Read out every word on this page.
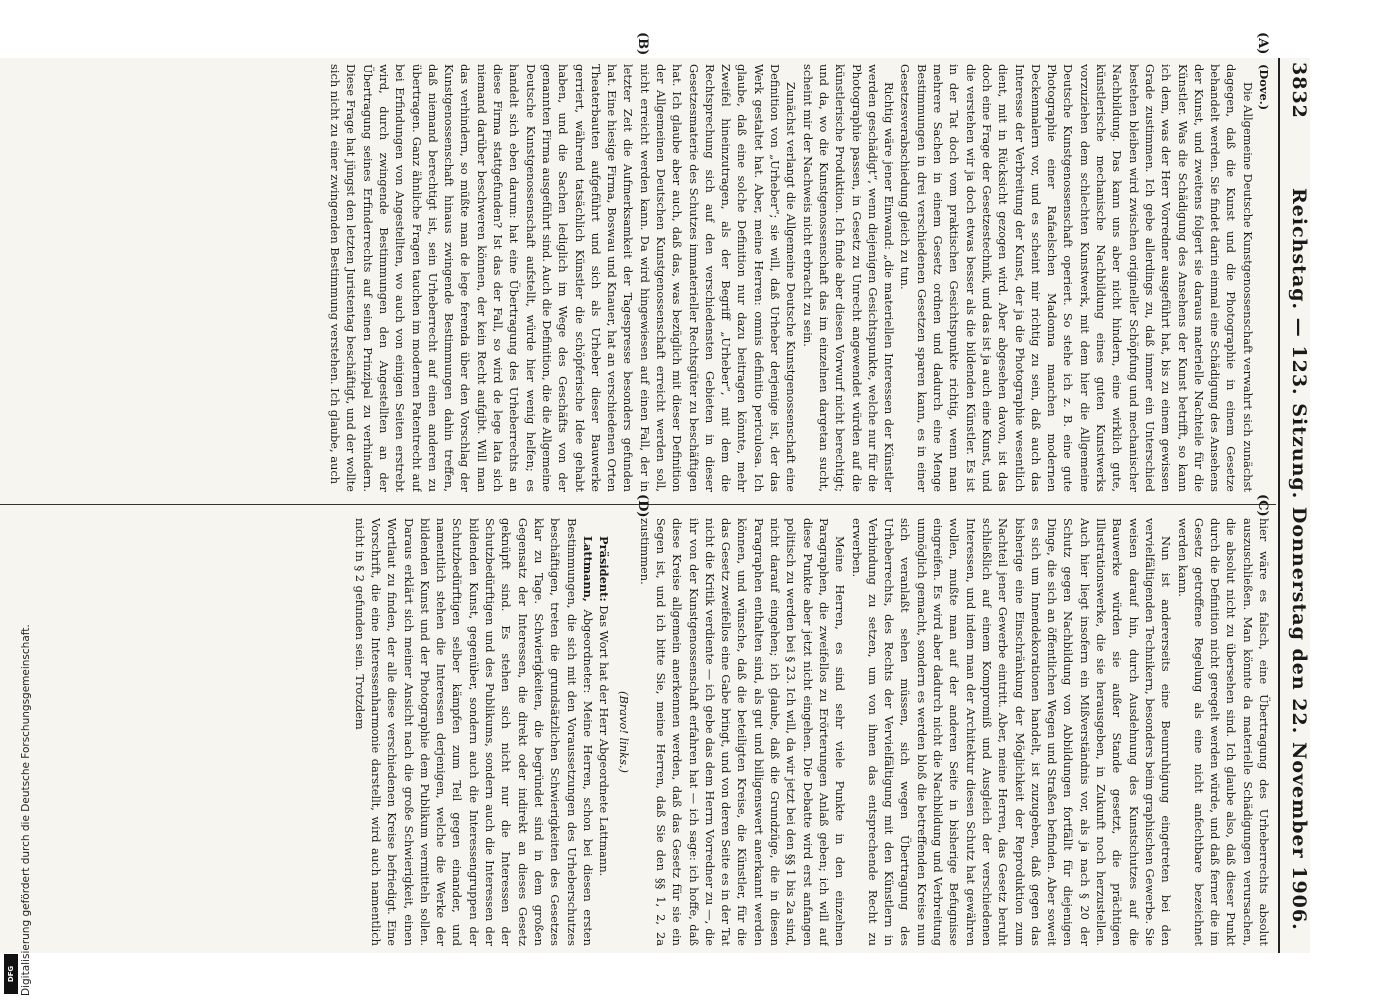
3832
Reichstag. — 123. Sitzung. Donnerstag den 22. November 1906.
(A)
(B)
(C)
(D)

(Dove.)

Die Allgemeine Deutsche Kunstgenossenschaft verwahrt sich zunächst dagegen, daß die Kunst und die Photographie in einem Gesetze behandelt werden. Sie findet darin einmal eine Schädigung des Ansehens der Kunst, und zweitens folgert sie daraus materielle Nachteile für die Künstler. Was die Schädigung des Ansehens der Kunst betrifft, so kann ich dem, was der Herr Vorredner ausgeführt hat, bis zu einem gewissen Grade zustimmen. Ich gebe allerdings zu, daß immer ein Unterschied bestehen bleiben wird zwischen origineller Schöpfung und mechanischer Nachbildung. Das kann uns aber nicht hindern, eine wirklich gute, künstlerische mechanische Nachbildung eines guten Kunstwerks vorzuziehen dem schlechten Kunstwerk, mit dem hier die Allgemeine Deutsche Kunstgenossenschaft operiert. So stehe ich z. B. eine gute Photographie einer Rafaelschen Madonna manchen modernen Deckenmalern vor, und es scheint mir richtig zu sein, daß auch das Interesse der Verbreitung der Kunst, der ja die Photographie wesentlich dient, mit in Rücksicht gezogen wird. Aber abgesehen davon, ist das doch eine Frage der Gesetzestechnik, und das ist ja auch eine Kunst, und die verstehen wir ja doch etwas besser als die bildenden Künstler. Es ist in der Tat doch vom praktischen Gesichtspunkte richtig, wenn man mehrere Sachen in einem Gesetz ordnen und dadurch eine Menge Bestimmungen in drei verschiedenen Gesetzen sparen kann, es in einer Gesetzesverabschiedung gleich zu tun.

Richtig wäre jener Einwand: „die materiellen Interessen der Künstler werden geschädigt“, wenn diejenigen Gesichtspunkte, welche nur für die Photographie passen, in Gesetz zu Unrecht angewendet würden auf die künstlerische Produktion. Ich finde aber diesen Vorwurf nicht berechtigt; und da, wo die Kunstgenossenschaft das im einzelnen dargetan sucht, scheint mir der Nachweis nicht erbracht zu sein.

Zunächst verlangt die Allgemeine Deutsche Kunstgenossenschaft eine Definition von „Urheber“; sie will, daß Urheber derjenige ist, der das Werk gestaltet hat. Aber, meine Herren: omnis definitio periculosa. Ich glaube, daß eine solche Definition nur dazu beitragen könnte, mehr Zweifel hineinzutragen, als der Begriff „Urheber“, mit dem die Rechtsprechung sich auf den verschiedensten Gebieten in dieser Gesetzesmaterie des Schutzes immaterieller Rechtsgüter zu beschäftigen hat. Ich glaube aber auch, daß das, was bezüglich mit dieser Definition der Allgemeinen Deutschen Kunstgenossenschaft erreicht werden soll, nicht erreicht werden kann. Da wird hingewiesen auf einen Fall, der in letzter Zeit die Aufmerksamkeit der Tagespresse besonders gefunden hat. Eine hiesige Firma, Boswau und Knauer, hat an verschiedenen Orten Theaterbauten aufgeführt und sich als Urheber dieser Bauwerke gerriert, während tatsächlich Künstler die schöpferische Idee gehabt haben, und die Sachen lediglich im Wege des Geschäfts von der genannten Firma ausgeführt sind. Auch die Definition, die die Allgemeine Deutsche Kunstgenossenschaft aufstellt, würde hier wenig helfen; es handelt sich eben darum: hat eine Übertragung des Urheberrechts an diese Firma stattgefunden? Ist das der Fall, so wird de lege lata sich niemand darüber beschweren können, der kein Recht aufgibt. Will man das verhindern, so müßte man de lege ferenda über den Vorschlag der Kunstgenossenschaft hinaus zwingende Bestimmungen dahin treffen, daß niemand berechtigt ist, sein Urheberrecht auf einen anderen zu übertragen. Ganz ähnliche Fragen tauchen im modernen Patentrecht auf bei Erfindungen von Angestellten, wo auch von einigen Seiten erstrebt wird, durch zwingende Bestimmungen den Angestellten an der Übertragung seines Erfinderrechts auf seinen Prinzipal zu verhindern. Diese Frage hat jüngst den letzten Juristentag beschäftigt, und der wollte sich nicht zu einer zwingenden Bestimmung verstehen. Ich glaube, auch

hier wäre es falsch, eine Übertragung des Urheberrechts absolut auszuschließen. Man könnte da materielle Schädigungen verursachen, die absolut nicht zu übersehen sind. Ich glaube also, daß dieser Punkt durch die Definition nicht geregelt werden würde, und daß ferner die im Gesetz getroffene Regelung als eine nicht anfechtbare bezeichnet werden kann.

Nun ist andererseits eine Beunruhigung eingetreten bei den vervielfältigenden Technikern, besonders beim graphischen Gewerbe. Sie weisen darauf hin, durch Ausdehnung des Kunstschutzes auf die Bauwerke würden sie außer Stande gesetzt, die prächtigen Illustrationswerke, die sie herausgeben, in Zukunft noch herzustellen. Auch hier liegt insofern ein Mißverständnis vor, als ja nach § 20 der Schutz gegen Nachbildung von Abbildungen fortfällt für diejenigen Dinge, die sich an öffentlichen Wegen und Straßen befinden. Aber soweit es sich um Innendekorationen handelt, ist zuzugeben, daß gegen das bisherige eine Einschränkung der Möglichkeit der Reproduktion zum Nachteil jener Gewerbe eintritt. Aber, meine Herren, das Gesetz beruht schließlich auf einem Kompromiß und Ausgleich der verschiedenen Interessen, und indem man der Architektur diesen Schutz hat gewähren wollen, mußte man auf der anderen Seite in bisherige Befugnisse eingreifen. Es wird aber dadurch nicht die Nachbildung und Verbreitung unmöglich gemacht, sondern es werden bloß die betreffenden Kreise nun sich veranlaßt sehen müssen, sich wegen Übertragung des Urheberrechts, des Rechts der Vervielfältigung mit den Künstlern in Verbindung zu setzen, um von ihnen das entsprechende Recht zu erwerben.

Meine Herren, es sind sehr viele Punkte in den einzelnen Paragraphen, die zweifellos zu Erörterungen Anlaß geben; ich will auf diese Punkte aber jetzt nicht eingehen. Die Debatte wird erst anfangen politisch zu werden bei § 23. Ich will, da wir jetzt bei den §§ 1 bis 2a sind, nicht darauf eingehen; ich glaube, daß die Grundzüge, die in diesen Paragraphen enthalten sind, als gut und billigenswert anerkannt werden können, und wünsche, daß die beteiligten Kreise, die Künstler, für die das Gesetz zweifellos eine Gabe bringt, und von deren Seite es in der Tat nicht die Kritik verdiente — ich gebe das dem Herrn Vorredner zu —, die ihr von der Kunstgenossenschaft erfahren hat — ich sage: ich hoffe, daß diese Kreise allgemein anerkennen werden, daß das Gesetz für sie ein Segen ist, und ich bitte Sie, meine Herren, daß Sie den §§ 1, 2, 2a zustimmen.

(Bravo! links.)

Präsident: Das Wort hat der Herr Abgeordnete Lattmann.

Lattmann, Abgeordneter: Meine Herren, schon bei diesen ersten Bestimmungen, die sich mit den Voraussetzungen des Urheberschutzes beschäftigen, treten die grundsätzlichen Schwierigkeiten des Gesetzes klar zu Tage. Schwierigkeiten, die begründet sind in dem großen Gegensatz der Interessen, die direkt oder indirekt an dieses Gesetz geknüpft sind. Es stehen sich nicht nur die Interessen der Schutzbedürftigen und des Publikums, sondern auch die Interessen der bildenden Kunst, gegenüber, sondern auch die Interessengruppen der Schutzbedürftigen selber kämpfen zum Teil gegen einander, und namentlich stehen die Interessen derjenigen, welche die Werke der bildenden Kunst und der Photographie dem Publikum vermitteln sollen. Daraus erklärt sich meiner Ansicht nach die große Schwierigkeit, einen Wortlaut zu finden, der alle diese verschiedenen Kreise befriedigt. Eine Vorschrift, die eine Interessenharmonie darstellt, wird auch namentlich nicht in § 2 gefunden sein. Trotzdem

Digitalisierung gefördert durch die Deutsche Forschungsgemeinschaft.
DFG
